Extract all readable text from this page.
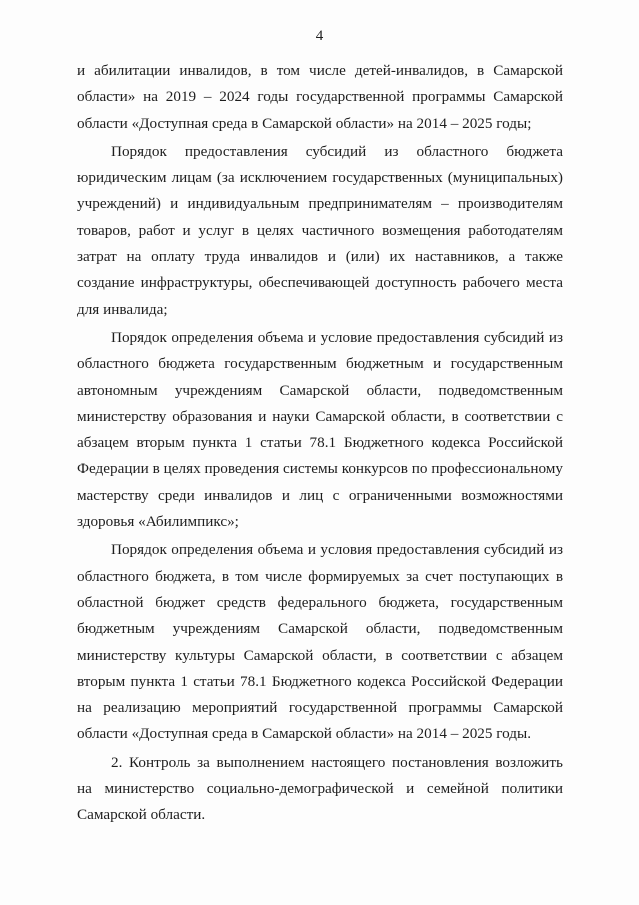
4

и абилитации инвалидов, в том числе детей-инвалидов, в Самарской области» на 2019 – 2024 годы государственной программы Самарской области «Доступная среда в Самарской области» на 2014 – 2025 годы;

Порядок предоставления субсидий из областного бюджета юридическим лицам (за исключением государственных (муниципальных) учреждений) и индивидуальным предпринимателям – производителям товаров, работ и услуг в целях частичного возмещения работодателям затрат на оплату труда инвалидов и (или) их наставников, а также создание инфраструктуры, обеспечивающей доступность рабочего места для инвалида;

Порядок определения объема и условие предоставления субсидий из областного бюджета государственным бюджетным и государственным автономным учреждениям Самарской области, подведомственным министерству образования и науки Самарской области, в соответствии с абзацем вторым пункта 1 статьи 78.1 Бюджетного кодекса Российской Федерации в целях проведения системы конкурсов по профессиональному мастерству среди инвалидов и лиц с ограниченными возможностями здоровья «Абилимпикс»;

Порядок определения объема и условия предоставления субсидий из областного бюджета, в том числе формируемых за счет поступающих в областной бюджет средств федерального бюджета, государственным бюджетным учреждениям Самарской области, подведомственным министерству культуры Самарской области, в соответствии с абзацем вторым пункта 1 статьи 78.1 Бюджетного кодекса Российской Федерации на реализацию мероприятий государственной программы Самарской области «Доступная среда в Самарской области» на 2014 – 2025 годы.

2. Контроль за выполнением настоящего постановления возложить на министерство социально-демографической и семейной политики Самарской области.
